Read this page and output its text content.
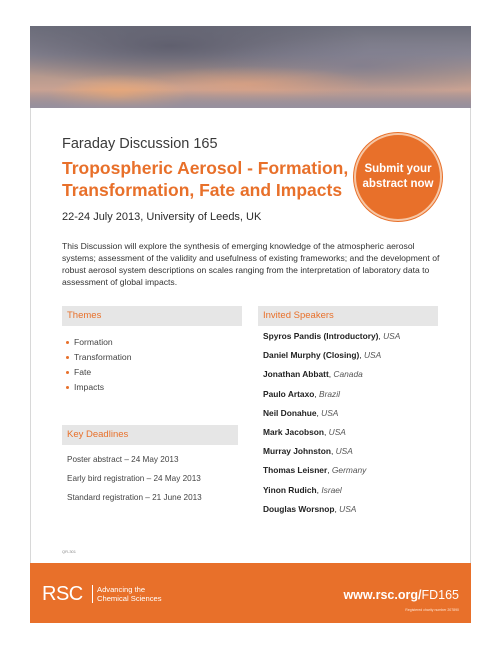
Faraday Discussion 165
Tropospheric Aerosol - Formation,
Transformation, Fate and Impacts
22-24 July 2013, University of Leeds, UK
Submit your
abstract now

This Discussion will explore the synthesis of emerging knowledge of the atmospheric aerosol systems; assessment of the validity and usefulness of existing frameworks; and the development of robust aerosol system descriptions on scales ranging from the interpretation of laboratory data to assessment of global impacts.

Themes
Formation
Transformation
Fate
Impacts
Key Deadlines
Poster abstract – 24 May 2013
Early bird registration – 24 May 2013
Standard registration – 21 June 2013
Invited Speakers
Spyros Pandis (Introductory), USA
Daniel Murphy (Closing), USA
Jonathan Abbatt, Canada
Paulo Artaxo, Brazil
Neil Donahue, USA
Mark Jacobson, USA
Murray Johnston, USA
Thomas Leisner, Germany
Yinon Rudich, Israel
Douglas Worsnop, USA
QR-301
RSC Advancing the
Chemical Sciences	www.rsc.org/FD165
Registered charity number 207890
